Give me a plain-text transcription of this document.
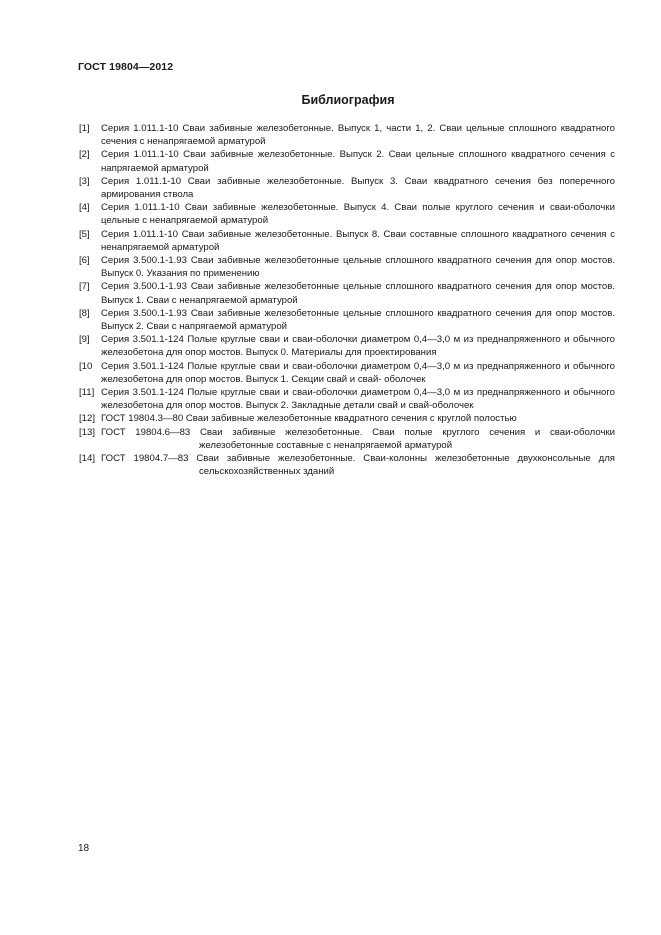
ГОСТ 19804—2012
Библиография
[1]	Серия 1.011.1-10 Сваи забивные железобетонные. Выпуск 1, части 1, 2. Сваи цельные сплошного квадратного сечения с ненапрягаемой арматурой
[2]	Серия 1.011.1-10 Сваи забивные железобетонные. Выпуск 2. Сваи цельные сплошного квадратного сечения с напрягаемой арматурой
[3]	Серия 1.011.1-10 Сваи забивные железобетонные. Выпуск 3. Сваи квадратного сечения без поперечного армирования ствола
[4]	Серия 1.011.1-10 Сваи забивные железобетонные. Выпуск 4. Сваи полые круглого сечения и сваи-оболочки цельные с ненапрягаемой арматурой
[5]	Серия 1.011.1-10 Сваи забивные железобетонные. Выпуск 8. Сваи составные сплошного квадратного сечения с ненапрягаемой арматурой
[6]	Серия 3.500.1-1.93 Сваи забивные железобетонные цельные сплошного квадратного сечения для опор мостов. Выпуск 0. Указания по применению
[7]	Серия 3.500.1-1.93 Сваи забивные железобетонные цельные сплошного квадратного сечения для опор мостов. Выпуск 1. Сваи с ненапрягаемой арматурой
[8]	Серия 3.500.1-1.93 Сваи забивные железобетонные цельные сплошного квадратного сечения для опор мостов. Выпуск 2. Сваи с напрягаемой арматурой
[9]	Серия 3.501.1-124 Полые круглые сваи и сваи-оболочки диаметром 0,4—3,0 м из преднапряженного и обычного железобетона для опор мостов. Выпуск 0. Материалы для проектирования
[10 Серия 3.501.1-124 Полые круглые сваи и сваи-оболочки диаметром 0,4—3,0 м из преднапряженного и обычного железобетона для опор мостов. Выпуск 1. Секции свай и свай- оболочек
[11] Серия 3.501.1-124 Полые круглые сваи и сваи-оболочки диаметром 0,4—3,0 м из преднапряженного и обычного железобетона для опор мостов. Выпуск 2. Закладные детали свай и свай-оболочек
[12] ГОСТ 19804.3—80 Сваи забивные железобетонные квадратного сечения с круглой полостью
[13] ГОСТ 19804.6—83 Сваи забивные железобетонные. Сваи полые круглого сечения и сваи-оболочки железобетонные составные с ненапрягаемой арматурой
[14] ГОСТ 19804.7—83 Сваи забивные железобетонные. Сваи-колонны железобетонные двухконсольные для сельскохозяйственных зданий
18
